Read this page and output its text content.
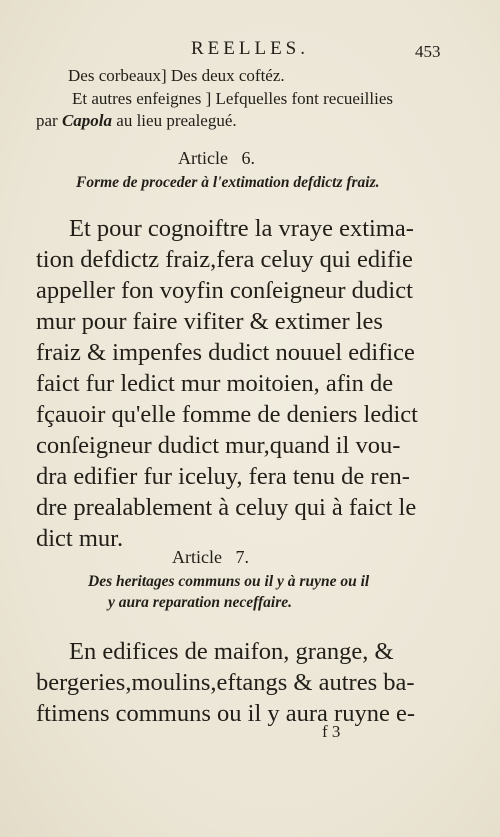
REELLES.	453
Des corbeaux] Des deux coftéz.
Et autres enfeignes ] Lefquelles font recueillies
par Capola au lieu prealegué.
Article   6.
Forme de proceder à l'extimation defdictz fraiz.
Et pour cognoiftre la vraye extima-
tion defdictz fraiz,fera celuy qui edifie
appeller fon voyfin conſeigneur dudict
mur pour faire vifiter & extimer les
fraiz & impenfes dudict nouuel edifice
faict fur ledict mur moitoien, afin de
fçauoir qu'elle fomme de deniers ledict
conſeigneur dudict mur,quand il vou-
dra edifier fur iceluy, fera tenu de ren-
dre prealablement à celuy qui à faict le
dict mur.
Article   7.
Des heritages communs ou il y à ruyne ou il
y aura reparation neceffaire.
En edifices de maifon, grange, &
bergeries,moulins,eftangs & autres ba-
ftimens communs ou il y aura ruyne e-
f 3
